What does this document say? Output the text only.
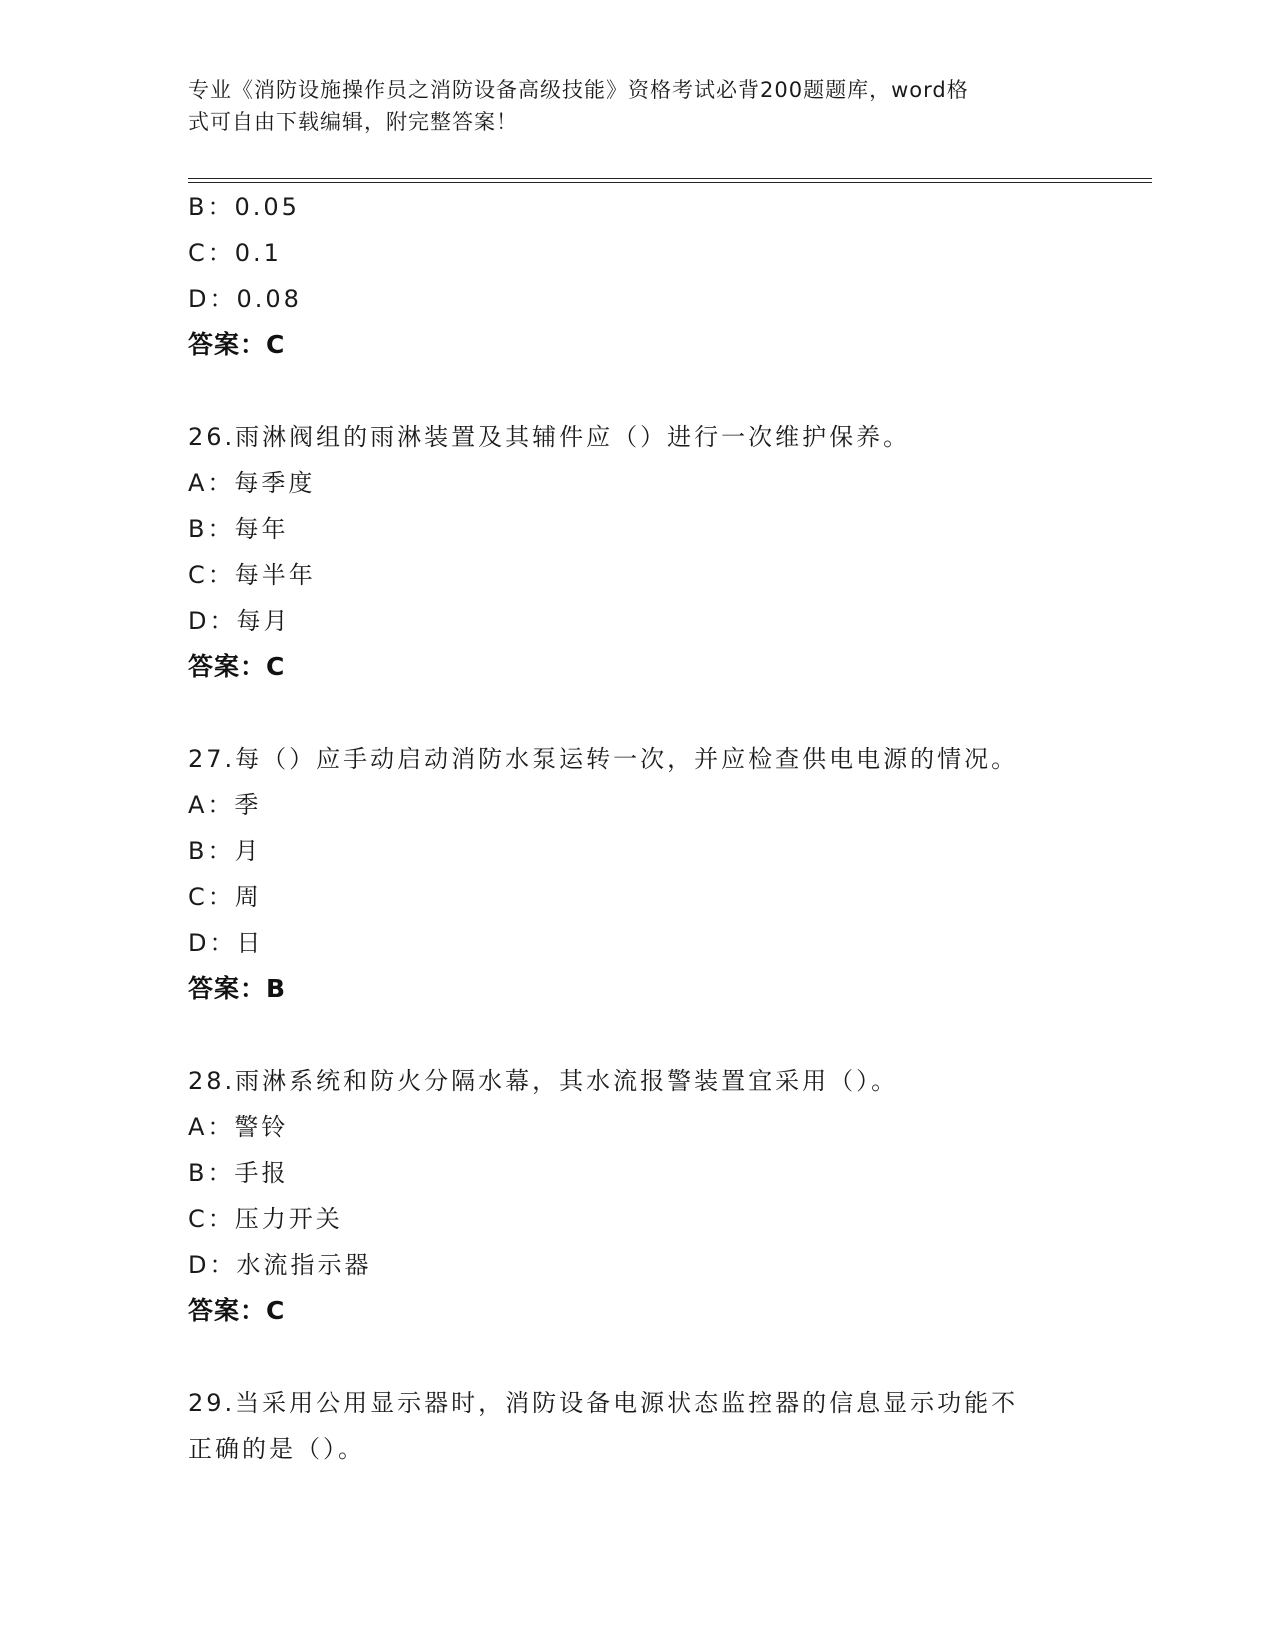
专业《消防设施操作员之消防设备高级技能》资格考试必背200题题库，word格
式可自由下载编辑，附完整答案！
B：0.05
C：0.1
D：0.08
答案：C
26.雨淋阀组的雨淋装置及其辅件应（）进行一次维护保养。
A：每季度
B：每年
C：每半年
D：每月
答案：C
27.每（）应手动启动消防水泵运转一次，并应检查供电电源的情况。
A：季
B：月
C：周
D：日
答案：B
28.雨淋系统和防火分隔水幕，其水流报警装置宜采用（）。
A：警铃
B：手报
C：压力开关
D：水流指示器
答案：C
29.当采用公用显示器时，消防设备电源状态监控器的信息显示功能不
正确的是（）。
